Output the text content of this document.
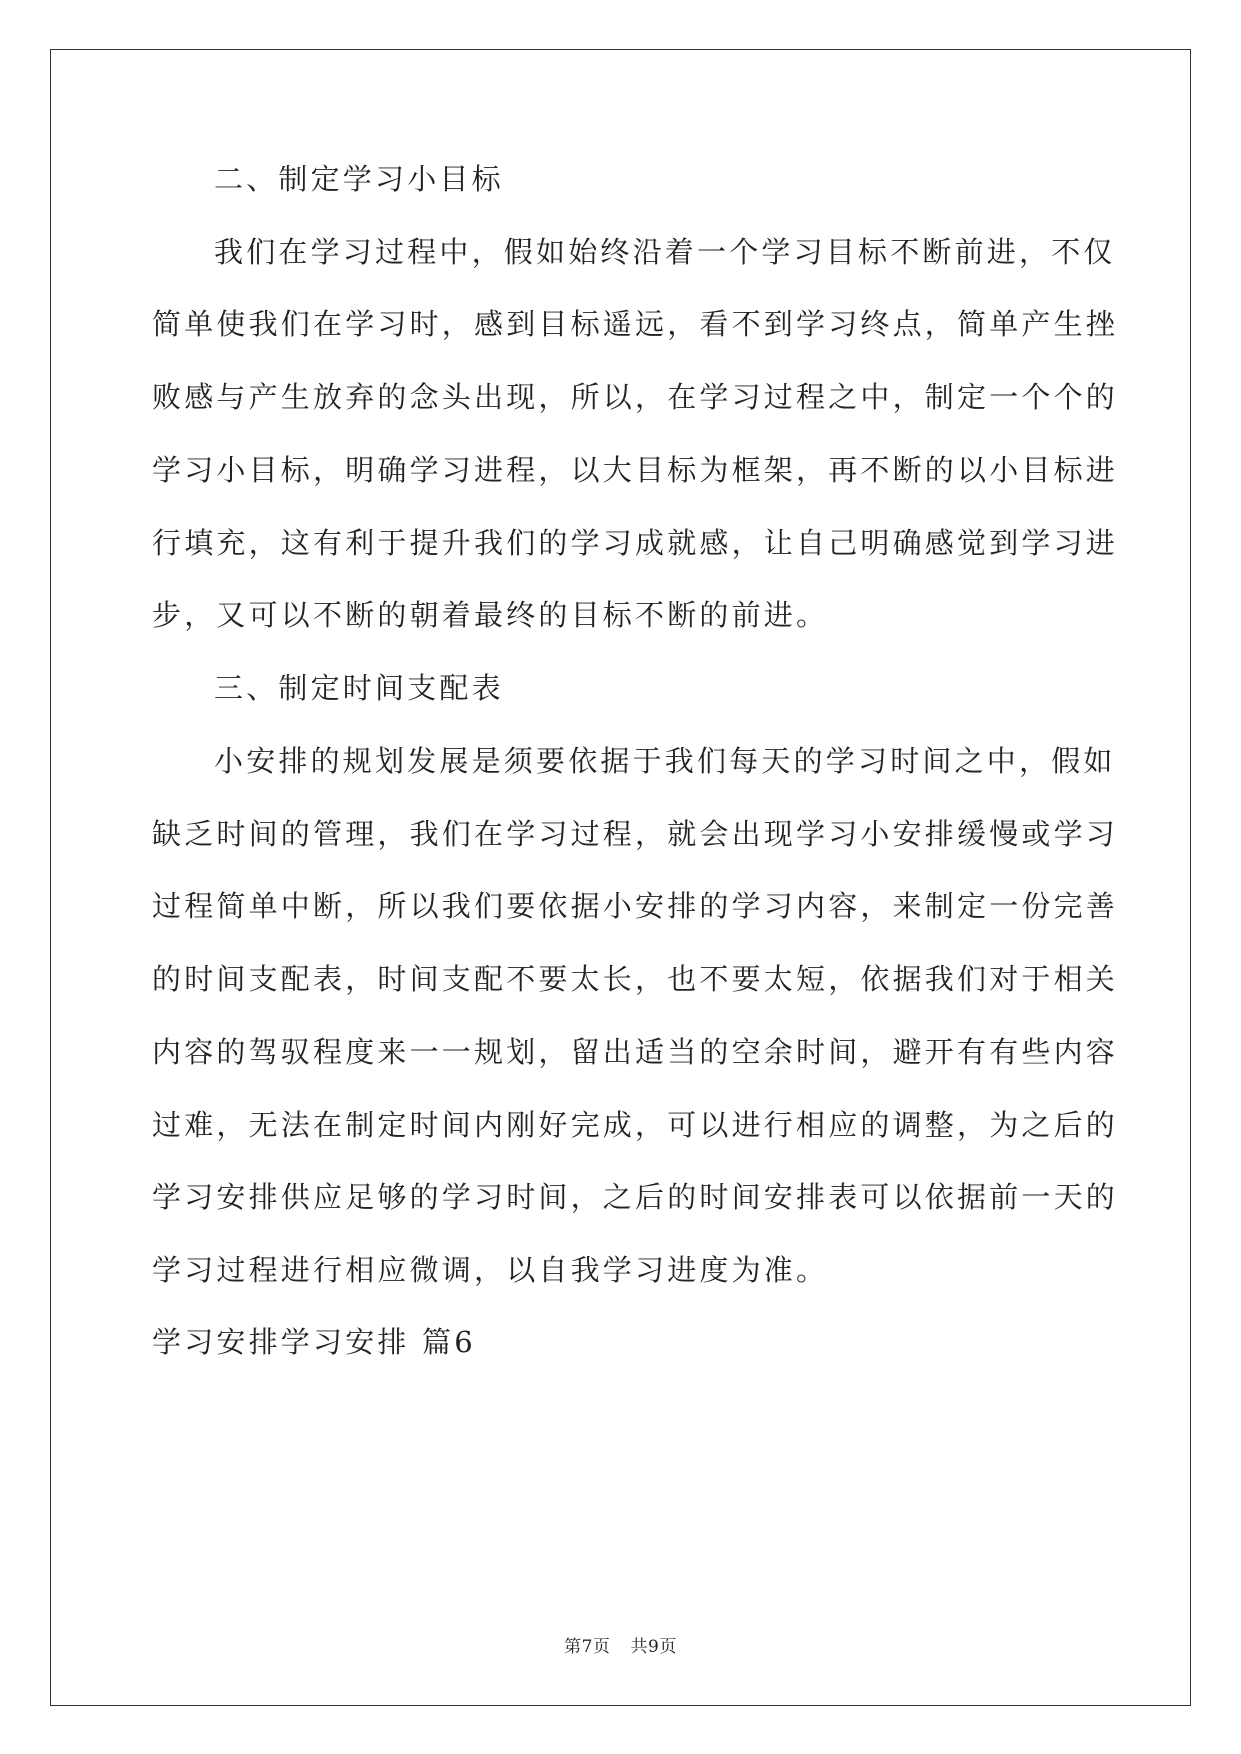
二、制定学习小目标
我们在学习过程中，假如始终沿着一个学习目标不断前进，不仅
简单使我们在学习时，感到目标遥远，看不到学习终点，简单产生挫
败感与产生放弃的念头出现，所以，在学习过程之中，制定一个个的
学习小目标，明确学习进程，以大目标为框架，再不断的以小目标进
行填充，这有利于提升我们的学习成就感，让自己明确感觉到学习进
步，又可以不断的朝着最终的目标不断的前进。
三、制定时间支配表
小安排的规划发展是须要依据于我们每天的学习时间之中，假如
缺乏时间的管理，我们在学习过程，就会出现学习小安排缓慢或学习
过程简单中断，所以我们要依据小安排的学习内容，来制定一份完善
的时间支配表，时间支配不要太长，也不要太短，依据我们对于相关
内容的驾驭程度来一一规划，留出适当的空余时间，避开有有些内容
过难，无法在制定时间内刚好完成，可以进行相应的调整，为之后的
学习安排供应足够的学习时间，之后的时间安排表可以依据前一天的
学习过程进行相应微调，以自我学习进度为准。
学习安排学习安排 篇6
第7页 共9页
